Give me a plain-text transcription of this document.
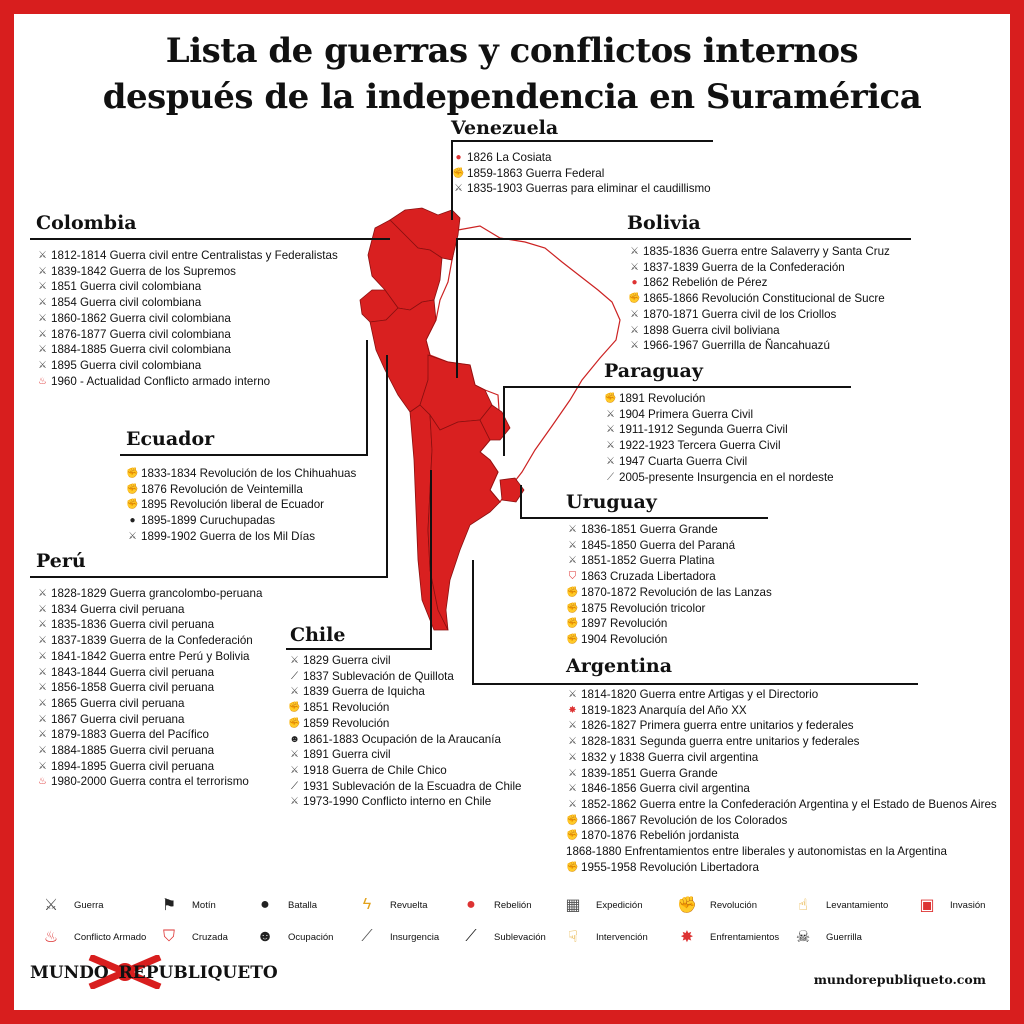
Lista de guerras y conflictos internos
después de la independencia en Suramérica
Venezuela
Colombia	Bolivia
Paraguay
Ecuador
Uruguay
Perú
Chile
Argentina
● 1826 La Cosiata
✊ 1859-1863 Guerra Federal
⚔ 1835-1903 Guerras para eliminar el caudillismo
⚔ 1812-1814 Guerra civil entre Centralistas y Federalistas
⚔ 1839-1842 Guerra de los Supremos
⚔ 1851 Guerra civil colombiana
⚔ 1854 Guerra civil colombiana
⚔ 1860-1862 Guerra civil colombiana
⚔ 1876-1877 Guerra civil colombiana
⚔ 1884-1885 Guerra civil colombiana
⚔ 1895 Guerra civil colombiana
♨ 1960 - Actualidad Conflicto armado interno
⚔ 1835-1836 Guerra entre Salaverry y Santa Cruz
⚔ 1837-1839 Guerra de la Confederación
● 1862 Rebelión de Pérez
✊ 1865-1866 Revolución Constitucional de Sucre
⚔ 1870-1871 Guerra civil de los Criollos
⚔ 1898 Guerra civil boliviana
⚔ 1966-1967 Guerrilla de Ñancahuazú
✊ 1891 Revolución
⚔ 1904 Primera Guerra Civil
⚔ 1911-1912 Segunda Guerra Civil
⚔ 1922-1923 Tercera Guerra Civil
⚔ 1947 Cuarta Guerra Civil
⟋ 2005-presente Insurgencia en el nordeste
✊ 1833-1834 Revolución de los Chihuahuas
✊ 1876 Revolución de Veintemilla
✊ 1895 Revolución liberal de Ecuador
● 1895-1899 Curuchupadas
⚔ 1899-1902 Guerra de los Mil Días
⚔ 1836-1851 Guerra Grande
⚔ 1845-1850 Guerra del Paraná
⚔ 1851-1852 Guerra Platina
⛉ 1863 Cruzada Libertadora
✊ 1870-1872 Revolución de las Lanzas
✊ 1875 Revolución tricolor
✊ 1897 Revolución
✊ 1904 Revolución
⚔ 1828-1829 Guerra grancolombo-peruana
⚔ 1834 Guerra civil peruana
⚔ 1835-1836 Guerra civil peruana
⚔ 1837-1839 Guerra de la Confederación
⚔ 1841-1842 Guerra entre Perú y Bolivia
⚔ 1843-1844 Guerra civil peruana
⚔ 1856-1858 Guerra civil peruana
⚔ 1865 Guerra civil peruana
⚔ 1867 Guerra civil peruana
⚔ 1879-1883 Guerra del Pacífico
⚔ 1884-1885 Guerra civil peruana
⚔ 1894-1895 Guerra civil peruana
♨ 1980-2000 Guerra contra el terrorismo
⚔ 1829 Guerra civil
⟋ 1837 Sublevación de Quillota
⚔ 1839 Guerra de Iquicha
✊ 1851 Revolución
✊ 1859 Revolución
☻ 1861-1883 Ocupación de la Araucanía
⚔ 1891 Guerra civil
⚔ 1918 Guerra de Chile Chico
⟋ 1931 Sublevación de la Escuadra de Chile
⚔ 1973-1990 Conflicto interno en Chile
⚔ 1814-1820 Guerra entre Artigas y el Directorio
✸ 1819-1823 Anarquía del Año XX
⚔ 1826-1827 Primera guerra entre unitarios y federales
⚔ 1828-1831 Segunda guerra entre unitarios y federales
⚔ 1832 y 1838 Guerra civil argentina
⚔ 1839-1851 Guerra Grande
⚔ 1846-1856 Guerra civil argentina
⚔ 1852-1862 Guerra entre la Confederación Argentina y el Estado de Buenos Aires
✊ 1866-1867 Revolución de los Colorados
✊ 1870-1876 Rebelión jordanista
1868-1880 Enfrentamientos entre liberales y autonomistas en la Argentina
✊ 1955-1958 Revolución Libertadora
⚔	Guerra	⚑	Motín	●	Batalla	ϟ	Revuelta	●	Rebelión ▦	Expedición ✊ Revolución	☝	Levantamiento ▣	Invasión
♨	Conflicto Armado	⛉	Cruzada ☻ Ocupación	⟋	Insurgencia	⟋	Sublevación	☟	Intervención ✸	Enfrentamientos ☠	Guerrilla
MUNDO REPUBLIQUETO	mundorepubliqueto.com
